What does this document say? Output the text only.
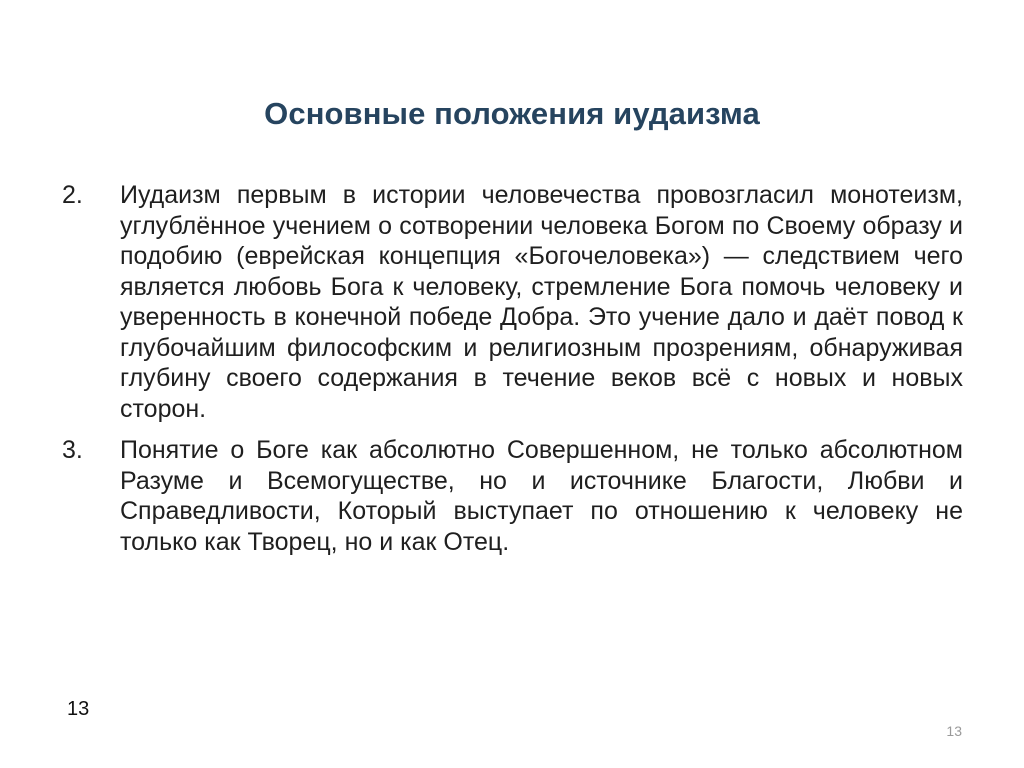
Основные положения иудаизма
2.	Иудаизм первым в истории человечества провозгласил монотеизм, углублённое учением о сотворении человека Богом по Своему образу и подобию (еврейская концепция «Богочеловека») — следствием чего является любовь Бога к человеку, стремление Бога помочь человеку и уверенность в конечной победе Добра. Это учение дало и даёт повод к глубочайшим философским и религиозным прозрениям, обнаруживая глубину своего содержания в течение веков всё с новых и новых сторон.
3.	Понятие о Боге как абсолютно Совершенном, не только абсолютном Разуме и Всемогуществе, но и источнике Благости, Любви и Справедливости, Который выступает по отношению к человеку не только как Творец, но и как Отец.
13
13
